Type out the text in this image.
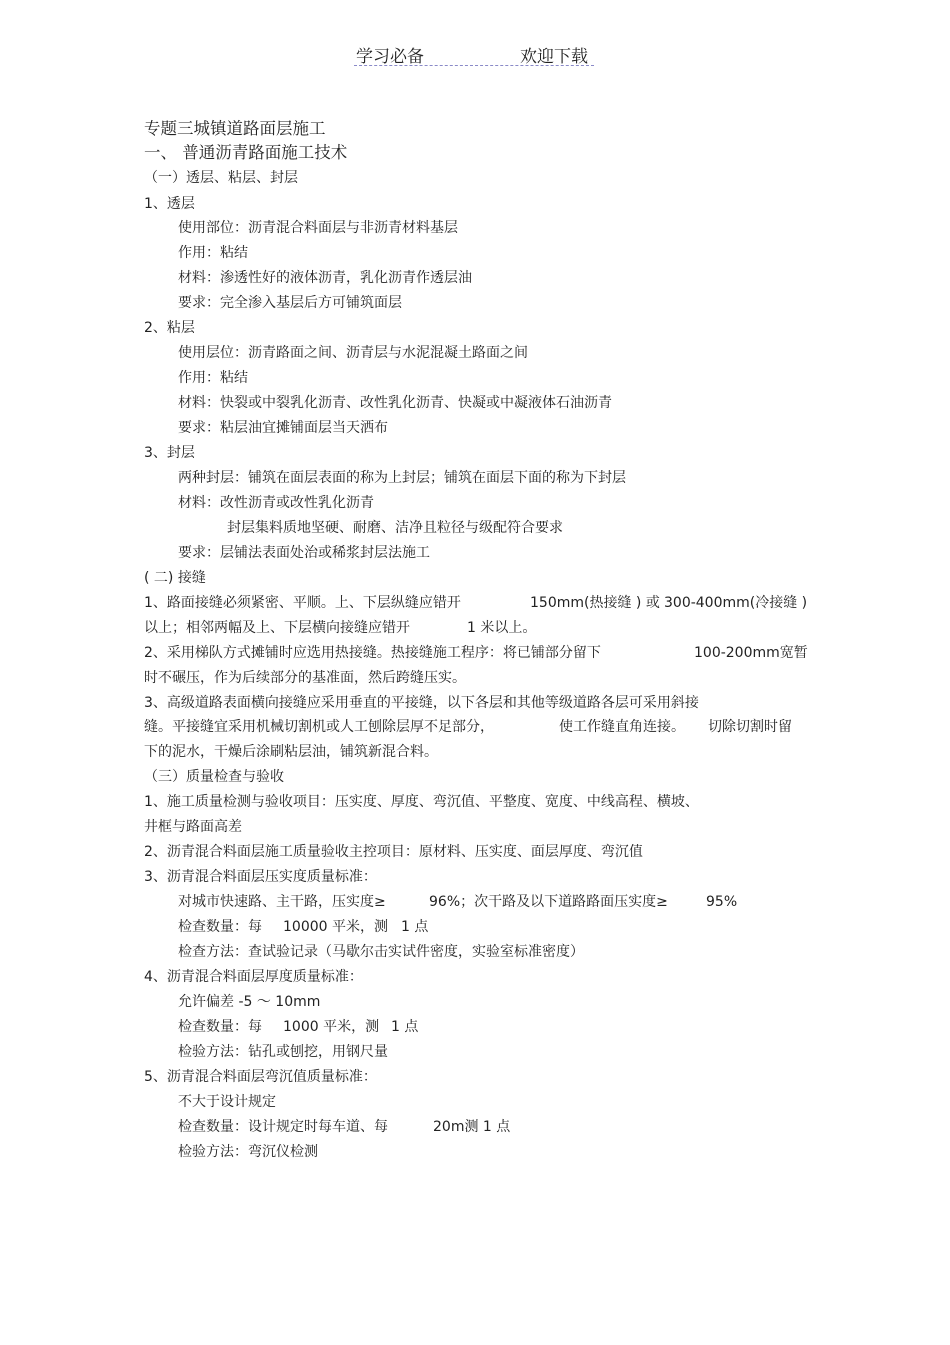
学习必备	欢迎下载
专题三城镇道路面层施工
一、 普通沥青路面施工技术
（一）透层、粘层、封层
1、透层
使用部位：沥青混合料面层与非沥青材料基层
作用：粘结
材料：渗透性好的液体沥青，乳化沥青作透层油
要求：完全渗入基层后方可铺筑面层
2、粘层
使用层位：沥青路面之间、沥青层与水泥混凝土路面之间
作用：粘结
材料：快裂或中裂乳化沥青、改性乳化沥青、快凝或中凝液体石油沥青
要求：粘层油宜摊铺面层当天洒布
3、封层
两种封层：铺筑在面层表面的称为上封层；铺筑在面层下面的称为下封层
材料：改性沥青或改性乳化沥青
封层集料质地坚硬、耐磨、洁净且粒径与级配符合要求
要求：层铺法表面处治或稀浆封层法施工
( 二) 接缝
1、路面接缝必须紧密、平顺。上、下层纵缝应错开	150mm(热接缝 ) 或 300-400mm(冷接缝 )
以上；相邻两幅及上、下层横向接缝应错开	1 米以上。
2、采用梯队方式摊铺时应选用热接缝。热接缝施工程序：将已铺部分留下	100-200mm宽暂
时不碾压，作为后续部分的基准面，然后跨缝压实。
3、高级道路表面横向接缝应采用垂直的平接缝，以下各层和其他等级道路各层可采用斜接
缝。平接缝宜采用机械切割机或人工刨除层厚不足部分，	使工作缝直角连接。 切除切割时留
下的泥水，干燥后涂刷粘层油，铺筑新混合料。
（三）质量检查与验收
1、施工质量检测与验收项目：压实度、厚度、弯沉值、平整度、宽度、中线高程、横坡、
井框与路面高差
2、沥青混合料面层施工质量验收主控项目：原材料、压实度、面层厚度、弯沉值
3、沥青混合料面层压实度质量标准：
对城市快速路、主干路，压实度≥	96%；次干路及以下道路路面压实度≥	95%
检查数量：每 10000 平米，测 1 点
检查方法：查试验记录（马歇尔击实试件密度，实验室标准密度）
4、沥青混合料面层厚度质量标准：
允许偏差 -5 ～ 10mm
检查数量：每 1000 平米，测 1 点
检验方法：钻孔或刨挖，用钢尺量
5、沥青混合料面层弯沉值质量标准：
不大于设计规定
检查数量：设计规定时每车道、每	20m测 1 点
检验方法：弯沉仪检测
